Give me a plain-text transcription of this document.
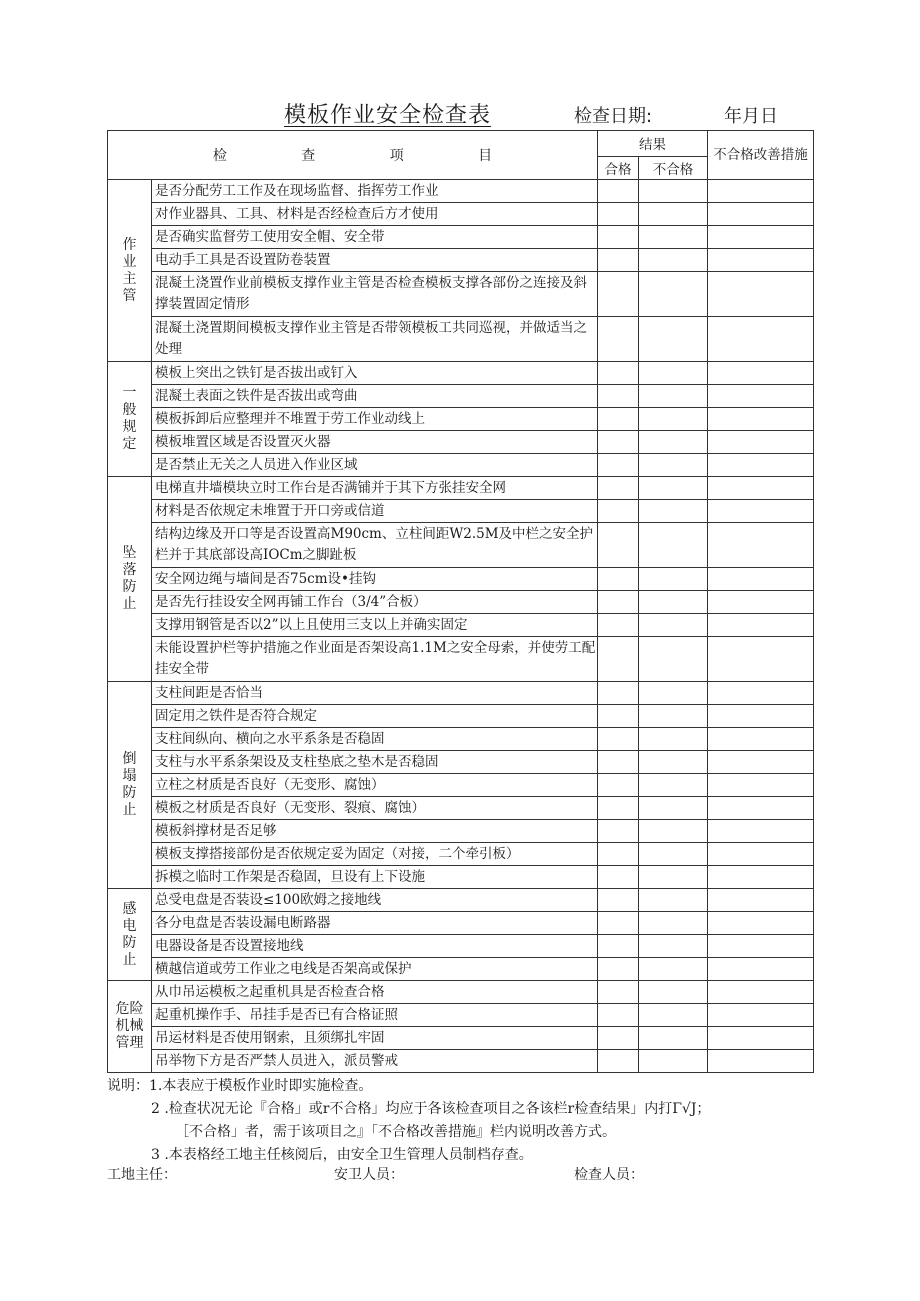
模板作业安全检查表	检查日期:	年月日
检 查 项 目		结果		不合格改善措施
		合格	不合格	
作
业
主
管	是否分配劳工工作及在现场监督、指挥劳工作业			
	对作业器具、工具、材料是否经检查后方才使用			
	是否确实监督劳工使用安全帽、安全带			
	电动手工具是否设置防卷装置			
	混凝土浇置作业前模板支撑作业主管是否检查模板支撑各部份之连接及斜撑装置固定情形			
	混凝土浇置期间模板支撑作业主管是否带领模板工共同巡视，并做适当之处理			
一
般
规
定	模板上突出之铁钉是否拔出或钉入			
	混凝土表面之铁件是否拔出或弯曲			
	模板拆卸后应整理并不堆置于劳工作业动线上			
	模板堆置区域是否设置灭火器			
	是否禁止无关之人员进入作业区域			
坠
落
防
止	电梯直井墙模块立时工作台是否满铺并于其下方张挂安全网			
	材料是否依规定未堆置于开口旁或信道			
	结构边缘及开口等是否设置高M90cm、立柱间距W2.5M及中栏之安全护栏并于其底部设高IOCm之脚趾板			
	安全网边绳与墙间是否75cm设•挂钩			
	是否先行挂设安全网再铺工作台（3/4”合板）			
	支撑用钢管是否以2”以上且使用三支以上并确实固定			
	未能设置护栏等护措施之作业面是否架设高1.1M之安全母索，并使劳工配挂安全带			
倒
塌
防
止	支柱间距是否恰当			
	固定用之铁件是否符合规定			
	支柱间纵向、横向之水平系条是否稳固			
	支柱与水平系条架设及支柱垫底之垫木是否稳固			
	立柱之材质是否良好（无变形、腐蚀）			
	模板之材质是否良好（无变形、裂痕、腐蚀）			
	模板斜撑材是否足够			
	模板支撑搭接部份是否依规定妥为固定（对接，二个牵引板）			
	拆模之临时工作架是否稳固，旦设有上下设施			
感
电
防
止	总受电盘是否装设≤100欧姆之接地线			
	各分电盘是否装设漏电断路器			
	电器设备是否设置接地线			
	横越信道或劳工作业之电线是否架高或保护			
危险
机械
管理	从巾吊运模板之起重机具是否检查合格			
	起重机操作手、吊挂手是否已有合格证照			
	吊运材料是否使用钢索，且须绑扎牢固			
	吊举物下方是否严禁人员进入，派员警戒			
说明：1.本表应于模板作业时即实施检查。
2 .检查状况无论『合格」或r不合格」均应于各该检查项目之各该栏r检查结果」内打Γ√J；
［不合格」者，需于该项目之』「不合格改善措施』栏内说明改善方式。
3 .本表格经工地主任核阅后，由安全卫生管理人员制档存查。
工地主任：	安卫人员：	检查人员：
